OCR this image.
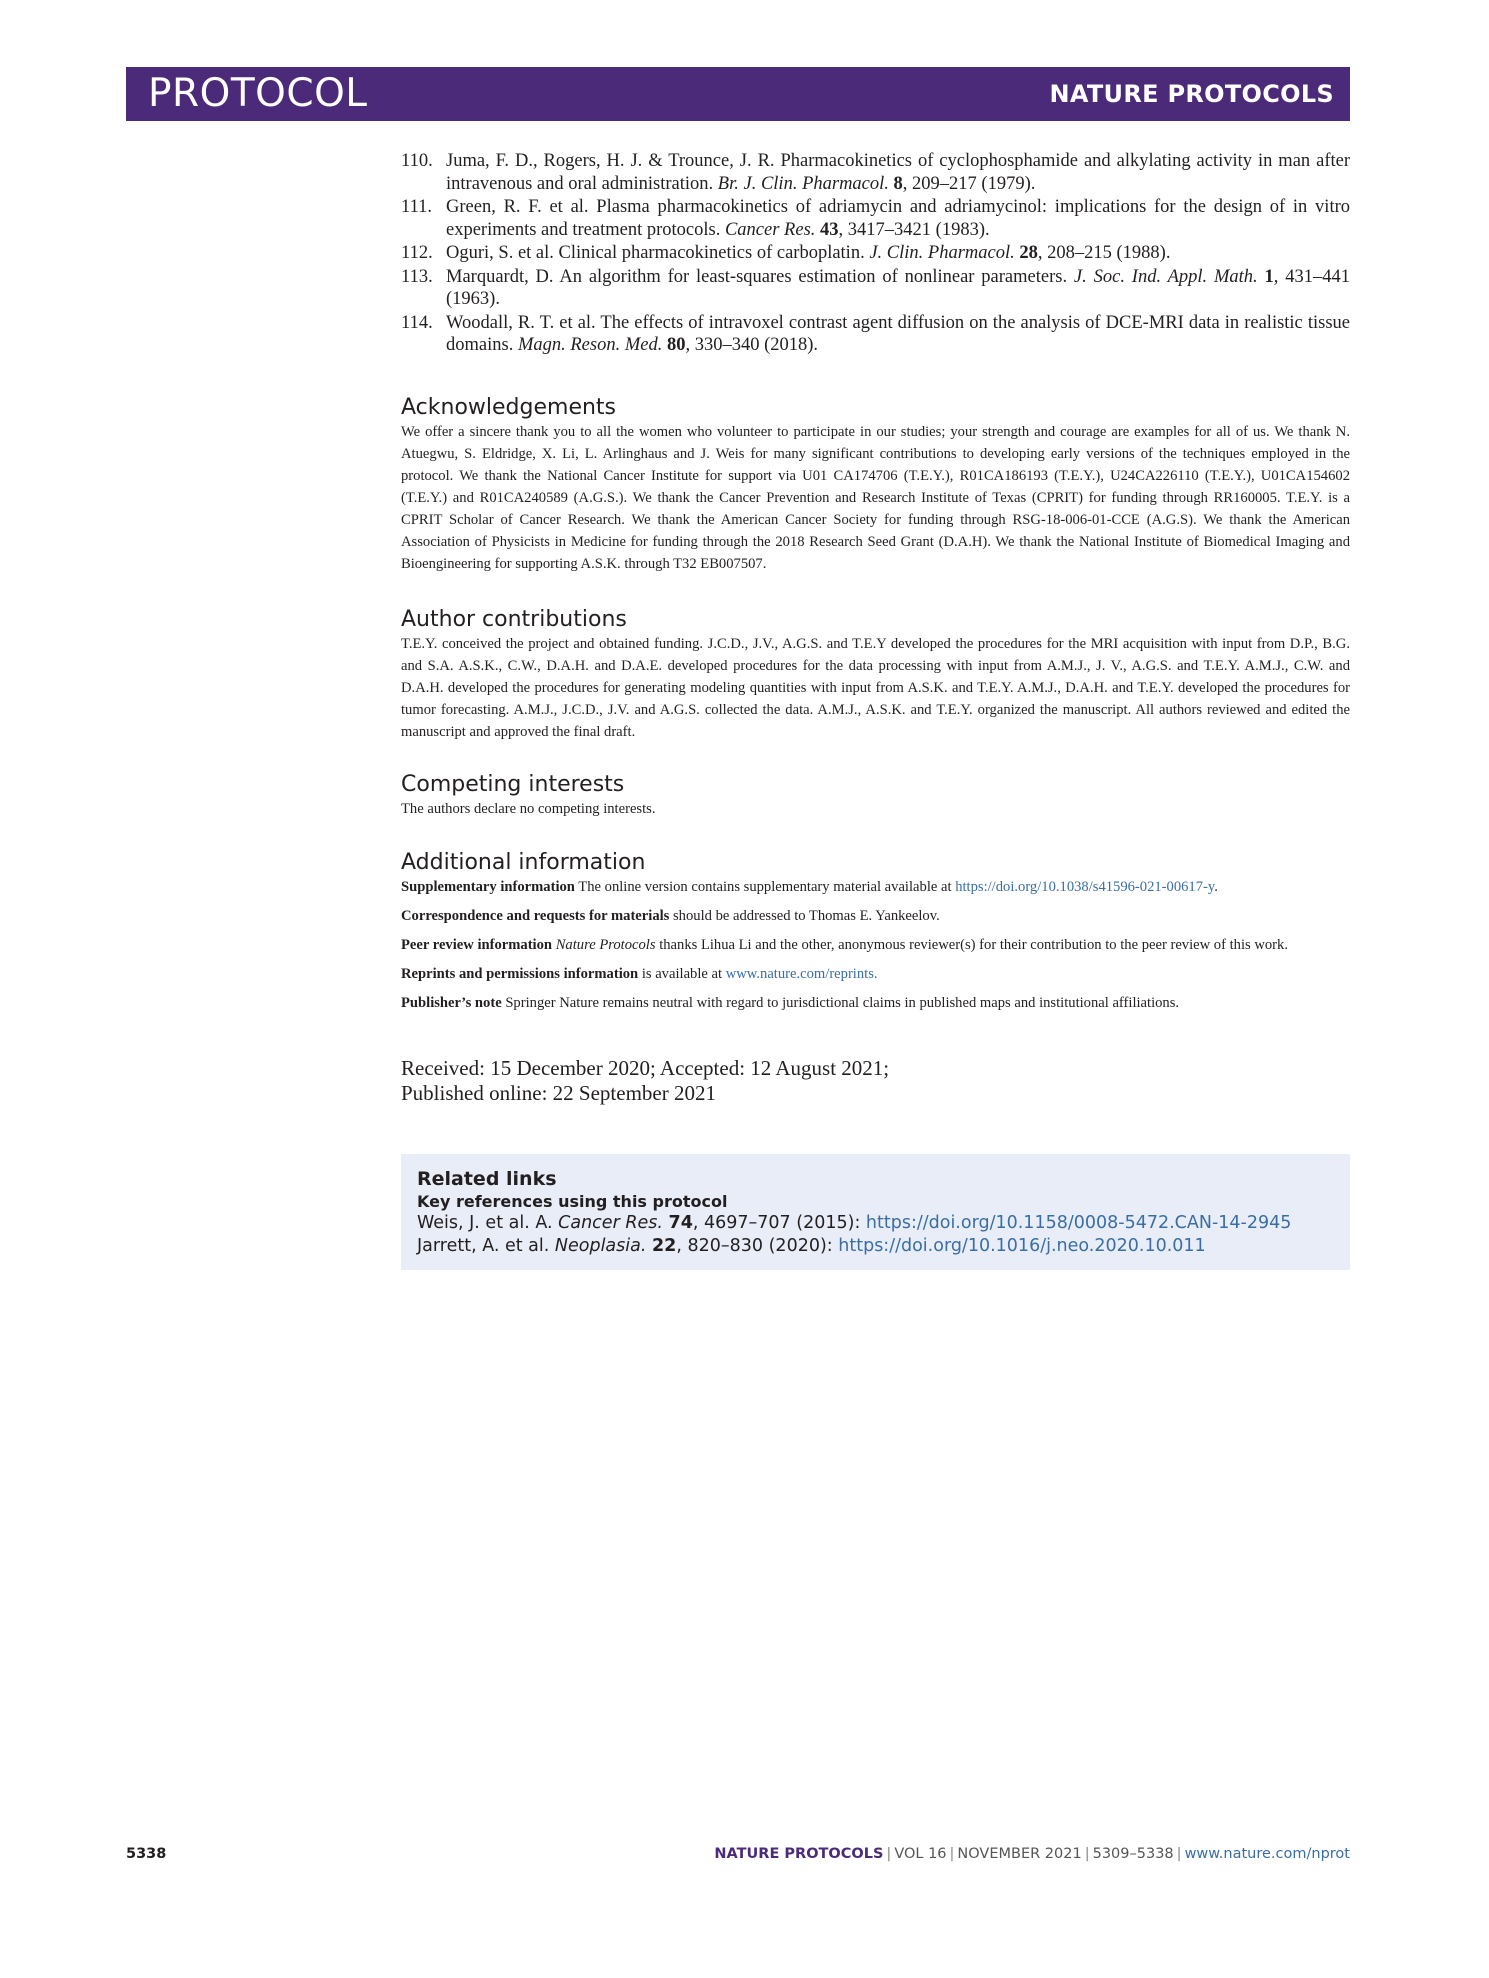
PROTOCOL	NATURE PROTOCOLS
110. Juma, F. D., Rogers, H. J. & Trounce, J. R. Pharmacokinetics of cyclophosphamide and alkylating activity in man after intravenous and oral administration. Br. J. Clin. Pharmacol. 8, 209–217 (1979).
111. Green, R. F. et al. Plasma pharmacokinetics of adriamycin and adriamycinol: implications for the design of in vitro experiments and treatment protocols. Cancer Res. 43, 3417–3421 (1983).
112. Oguri, S. et al. Clinical pharmacokinetics of carboplatin. J. Clin. Pharmacol. 28, 208–215 (1988).
113. Marquardt, D. An algorithm for least-squares estimation of nonlinear parameters. J. Soc. Ind. Appl. Math. 1, 431–441 (1963).
114. Woodall, R. T. et al. The effects of intravoxel contrast agent diffusion on the analysis of DCE-MRI data in realistic tissue domains. Magn. Reson. Med. 80, 330–340 (2018).
Acknowledgements

We offer a sincere thank you to all the women who volunteer to participate in our studies; your strength and courage are examples for all of us. We thank N. Atuegwu, S. Eldridge, X. Li, L. Arlinghaus and J. Weis for many significant contributions to developing early versions of the techniques employed in the protocol. We thank the National Cancer Institute for support via U01 CA174706 (T.E.Y.), R01CA186193 (T.E.Y.), U24CA226110 (T.E.Y.), U01CA154602 (T.E.Y.) and R01CA240589 (A.G.S.). We thank the Cancer Prevention and Research Institute of Texas (CPRIT) for funding through RR160005. T.E.Y. is a CPRIT Scholar of Cancer Research. We thank the American Cancer Society for funding through RSG-18-006-01-CCE (A.G.S). We thank the American Association of Physicists in Medicine for funding through the 2018 Research Seed Grant (D.A.H). We thank the National Institute of Biomedical Imaging and Bioengineering for supporting A.S.K. through T32 EB007507.

Author contributions

T.E.Y. conceived the project and obtained funding. J.C.D., J.V., A.G.S. and T.E.Y developed the procedures for the MRI acquisition with input from D.P., B.G. and S.A. A.S.K., C.W., D.A.H. and D.A.E. developed procedures for the data processing with input from A.M.J., J. V., A.G.S. and T.E.Y. A.M.J., C.W. and D.A.H. developed the procedures for generating modeling quantities with input from A.S.K. and T.E.Y. A.M.J., D.A.H. and T.E.Y. developed the procedures for tumor forecasting. A.M.J., J.C.D., J.V. and A.G.S. collected the data. A.M.J., A.S.K. and T.E.Y. organized the manuscript. All authors reviewed and edited the manuscript and approved the final draft.

Competing interests

The authors declare no competing interests.

Additional information

Supplementary information The online version contains supplementary material available at https://doi.org/10.1038/s41596-021-00617-y.

Correspondence and requests for materials should be addressed to Thomas E. Yankeelov.

Peer review information Nature Protocols thanks Lihua Li and the other, anonymous reviewer(s) for their contribution to the peer review of this work.

Reprints and permissions information is available at www.nature.com/reprints.

Publisher’s note Springer Nature remains neutral with regard to jurisdictional claims in published maps and institutional affiliations.

Received: 15 December 2020; Accepted: 12 August 2021;
Published online: 22 September 2021
Related links
Key references using this protocol
Weis, J. et al. A. Cancer Res. 74, 4697–707 (2015): https://doi.org/10.1158/0008-5472.CAN-14-2945
Jarrett, A. et al. Neoplasia. 22, 820–830 (2020): https://doi.org/10.1016/j.neo.2020.10.011
5338	NATURE PROTOCOLS | VOL 16 | NOVEMBER 2021 | 5309–5338 | www.nature.com/nprot
